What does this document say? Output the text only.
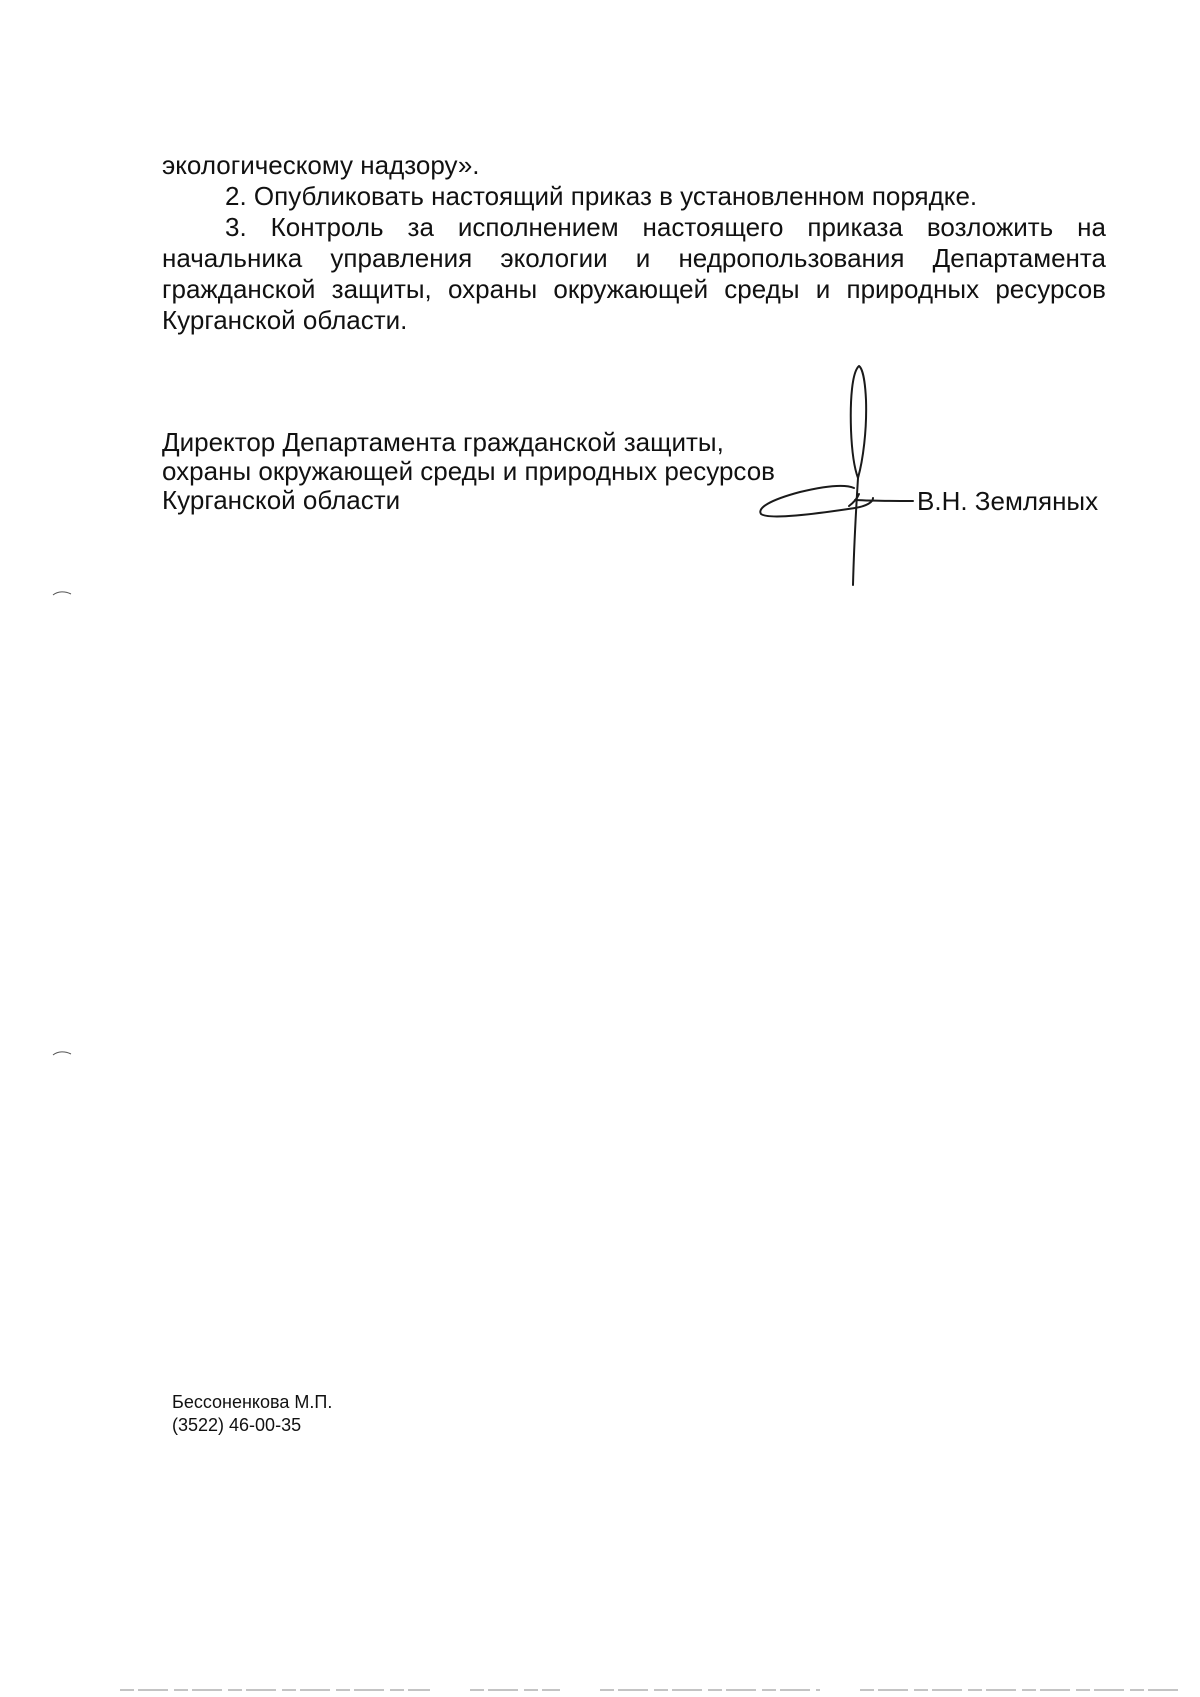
экологическому надзору».

2. Опубликовать настоящий приказ в установленном порядке.

3. Контроль за исполнением настоящего приказа возложить на начальника управления экологии и недропользования Департамента гражданской защиты, охраны окружающей среды и природных ресурсов Курганской области.

Директор Департамента гражданской защиты,
охраны окружающей среды и природных ресурсов
Курганской области	В.Н. Земляных
Бессоненкова М.П.
(3522) 46-00-35
